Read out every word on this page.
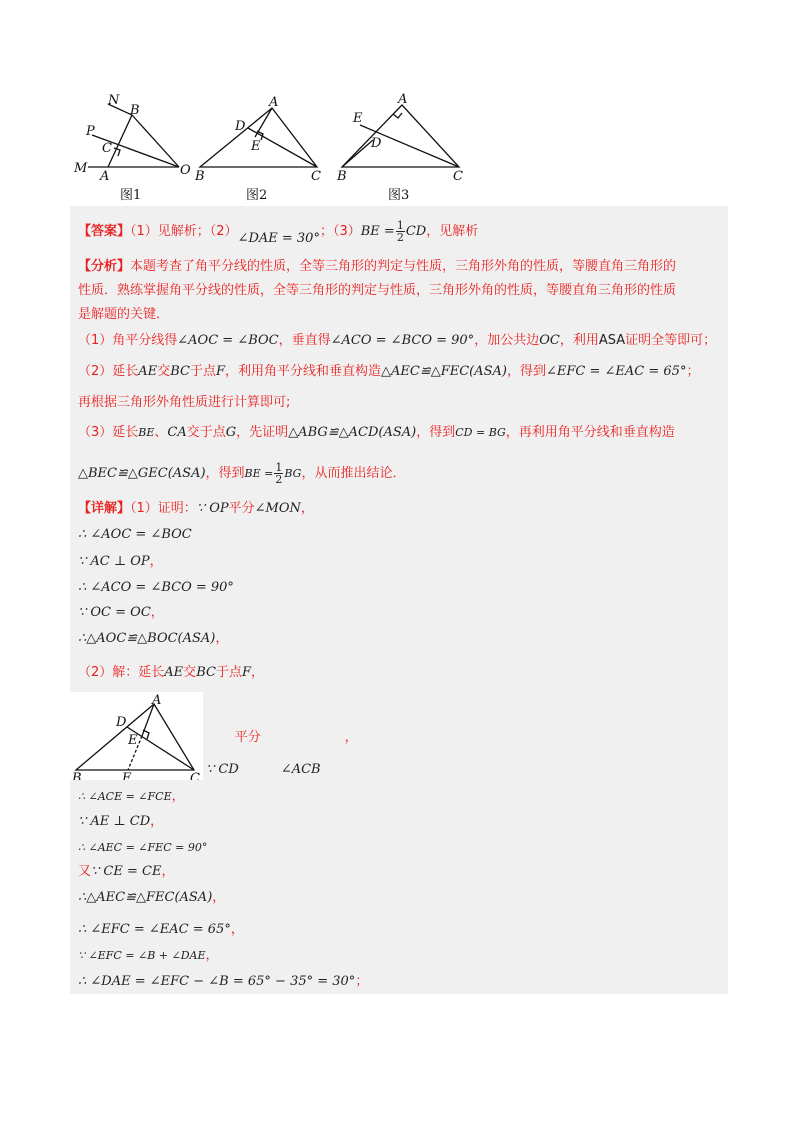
N
B
P
C
M
A	O
图1
A
D
E
B	C
图2
A
E
D
B	C
图3
【答案】（1）见解析；（2）∠DAE = 30°；$(3)BE = \frac{1}{2}$ CD，见解析
【分析】本题考查了角平分线的性质，全等三角形的判定与性质，三角形外角的性质，等腰直角三角形的
性质．熟练掌握角平分线的性质，全等三角形的判定与性质，三角形外角的性质，等腰直角三角形的性质
是解题的关键．
（1）角平分线得∠AOC = ∠BOC，垂直得∠ACO = ∠BCO = 90°，加公共边OC，利用ASA证明全等即可；
（2）延长AE交BC于点F，利用角平分线和垂直构造△AEC≌△FEC(ASA)，得到∠EFC = ∠EAC = 65°；
再根据三角形外角性质进行计算即可;
（3）延长BE、CA交于点G，先证明△ABG≌△ACD(ASA)，得到CD = BG，再利用角平分线和垂直构造
△BEC≌△GEC(ASA)，得到BE = $\frac{1}{2}$ BG，从而推出结论．
【详解】（1）证明：∵ OP平分∠MON，
∴ ∠AOC = ∠BOC
∵ AC ⊥ OP，
∴ ∠ACO = ∠BCO = 90°
∵ OC = OC，
∴△AOC≌△BOC(ASA)，
（2）解：延长AE交BC于点F，
A
D
E
B	F	C
∵ CD平分∠ACB，
∴ ∠ACE = ∠FCE，
∵ AE ⊥ CD，
∴ ∠AEC = ∠FEC = 90°
又∵ CE = CE，
∴△AEC≌△FEC(ASA)，
∴ ∠EFC = ∠EAC = 65°，
∵ ∠EFC = ∠B + ∠DAE，
∴ ∠DAE = ∠EFC − ∠B = 65° − 35° = 30°；
